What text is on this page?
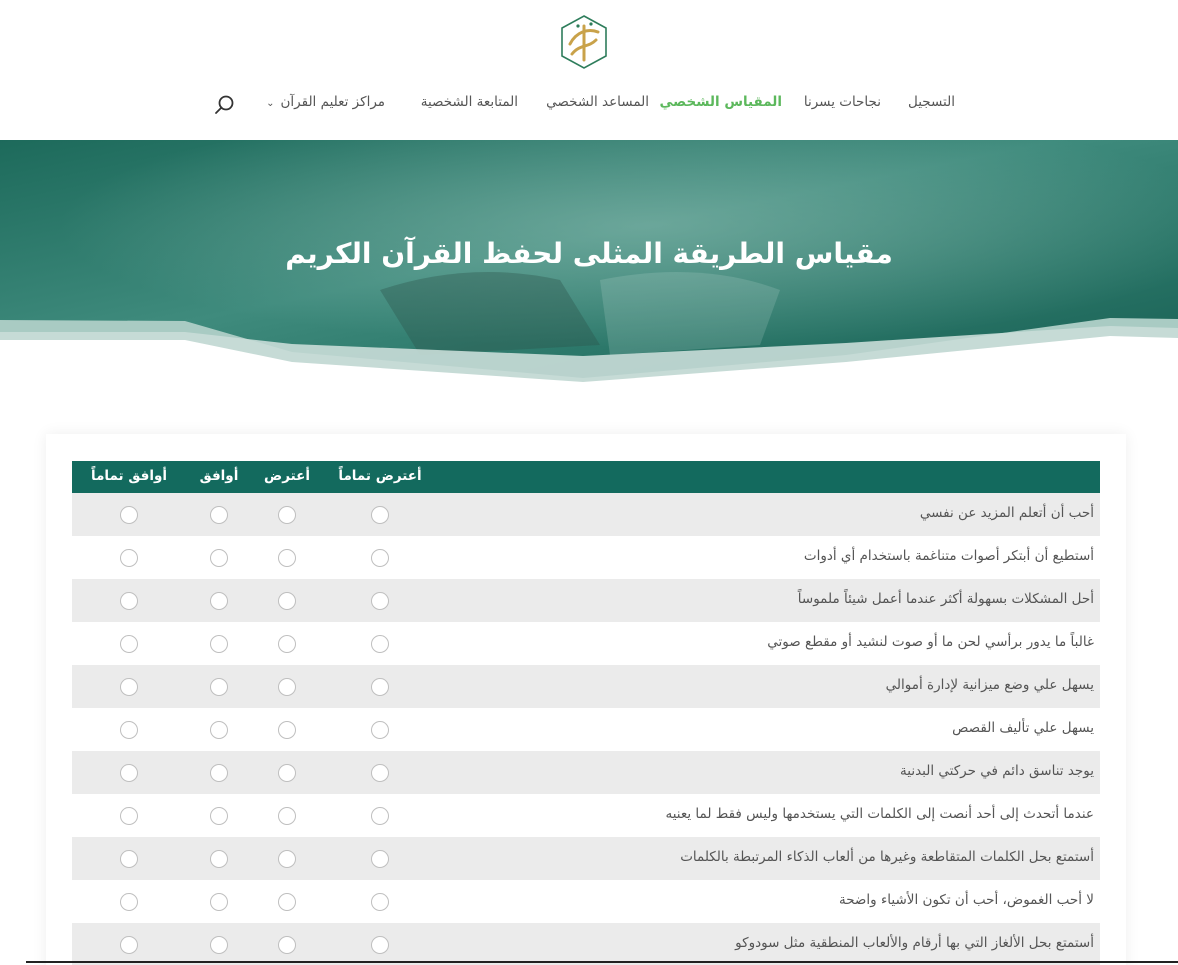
التسجيل
نجاحات يسرنا
المقياس الشخصي
المساعد الشخصي
المتابعة الشخصية
مراكز تعليم القرآن⌄
مقياس الطريقة المثلى لحفظ القرآن الكريم
أعترض تماماً
أعترض
أوافق
أوافق تماماً
أحب أن أتعلم المزيد عن نفسي
أستطيع أن أبتكر أصوات متناغمة باستخدام أي أدوات
أحل المشكلات بسهولة أكثر عندما أعمل شيئاً ملموساً
غالباً ما يدور برأسي لحن ما أو صوت لنشيد أو مقطع صوتي
يسهل علي وضع ميزانية لإدارة أموالي
يسهل علي تأليف القصص
يوجد تناسق دائم في حركتي البدنية
عندما أتحدث إلى أحد أنصت إلى الكلمات التي يستخدمها وليس فقط لما يعنيه
أستمتع بحل الكلمات المتقاطعة وغيرها من ألعاب الذكاء المرتبطة بالكلمات
لا أحب الغموض، أحب أن تكون الأشياء واضحة
أستمتع بحل الألغاز التي بها أرقام والألعاب المنطقية مثل سودوكو
